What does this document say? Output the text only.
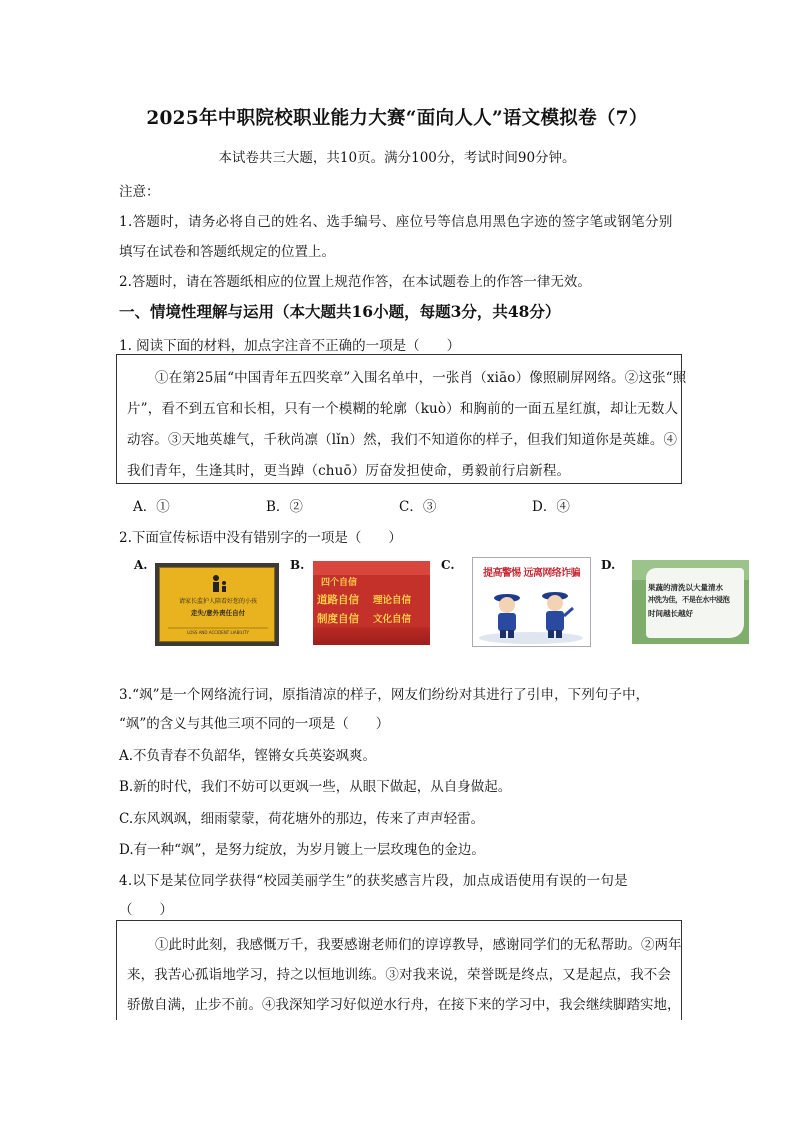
2025年中职院校职业能力大赛“面向人人”语文模拟卷（7）
本试卷共三大题，共10页。满分100分，考试时间90分钟。
注意：
1.答题时，请务必将自己的姓名、选手编号、座位号等信息用黑色字迹的签字笔或钢笔分别
填写在试卷和答题纸规定的位置上。
2.答题时，请在答题纸相应的位置上规范作答，在本试题卷上的作答一律无效。
一、情境性理解与运用（本大题共16小题，每题3分，共48分）
1. 阅读下面的材料，加点字注音不正确的一项是（　　）

①在第25届“中国青年五四奖章”入围名单中，一张肖（xiāo）像照刷屏网络。②这张“照

片”，看不到五官和长相，只有一个模糊的轮廓（kuò）和胸前的一面五星红旗，却让无数人

动容。③天地英雄气，千秋尚凛（lǐn）然，我们不知道你的样子，但我们知道你是英雄。④

我们青年，生逢其时，更当踔（chuō）厉奋发担使命，勇毅前行启新程。

A．①	B．②	C．③	D．④
2.下面宣传标语中没有错别字的一项是（　　）
A.	B.	C.	D.
请家长监护人陪看好您的小孩
走失/意外责任自付
LOSS AND ACCIDENT LIABILITY
四个自信
道路自信 理论自信
制度自信 文化自信
提高警惕 远离网络诈骗
果蔬的清洗以大量清水
冲洗为佳，不是在水中浸泡
时间越长越好
3.“飒”是一个网络流行词，原指清凉的样子，网友们纷纷对其进行了引申，下列句子中，
“飒”的含义与其他三项不同的一项是（　　）
A.不负青春不负韶华，铿锵女兵英姿飒爽。
B.新的时代，我们不妨可以更飒一些，从眼下做起，从自身做起。
C.东风飒飒，细雨蒙蒙，荷花塘外的那边，传来了声声轻雷。
D.有一种“飒”，是努力绽放，为岁月镀上一层玫瑰色的金边。
4.以下是某位同学获得“校园美丽学生”的获奖感言片段，加点成语使用有误的一句是
（　　）

①此时此刻，我感慨万千，我要感谢老师们的谆谆教导，感谢同学们的无私帮助。②两年

来，我苦心孤诣地学习，持之以恒地训练。③对我来说，荣誉既是终点，又是起点，我不会

骄傲自满，止步不前。④我深知学习好似逆水行舟，在接下来的学习中，我会继续脚踏实地，
